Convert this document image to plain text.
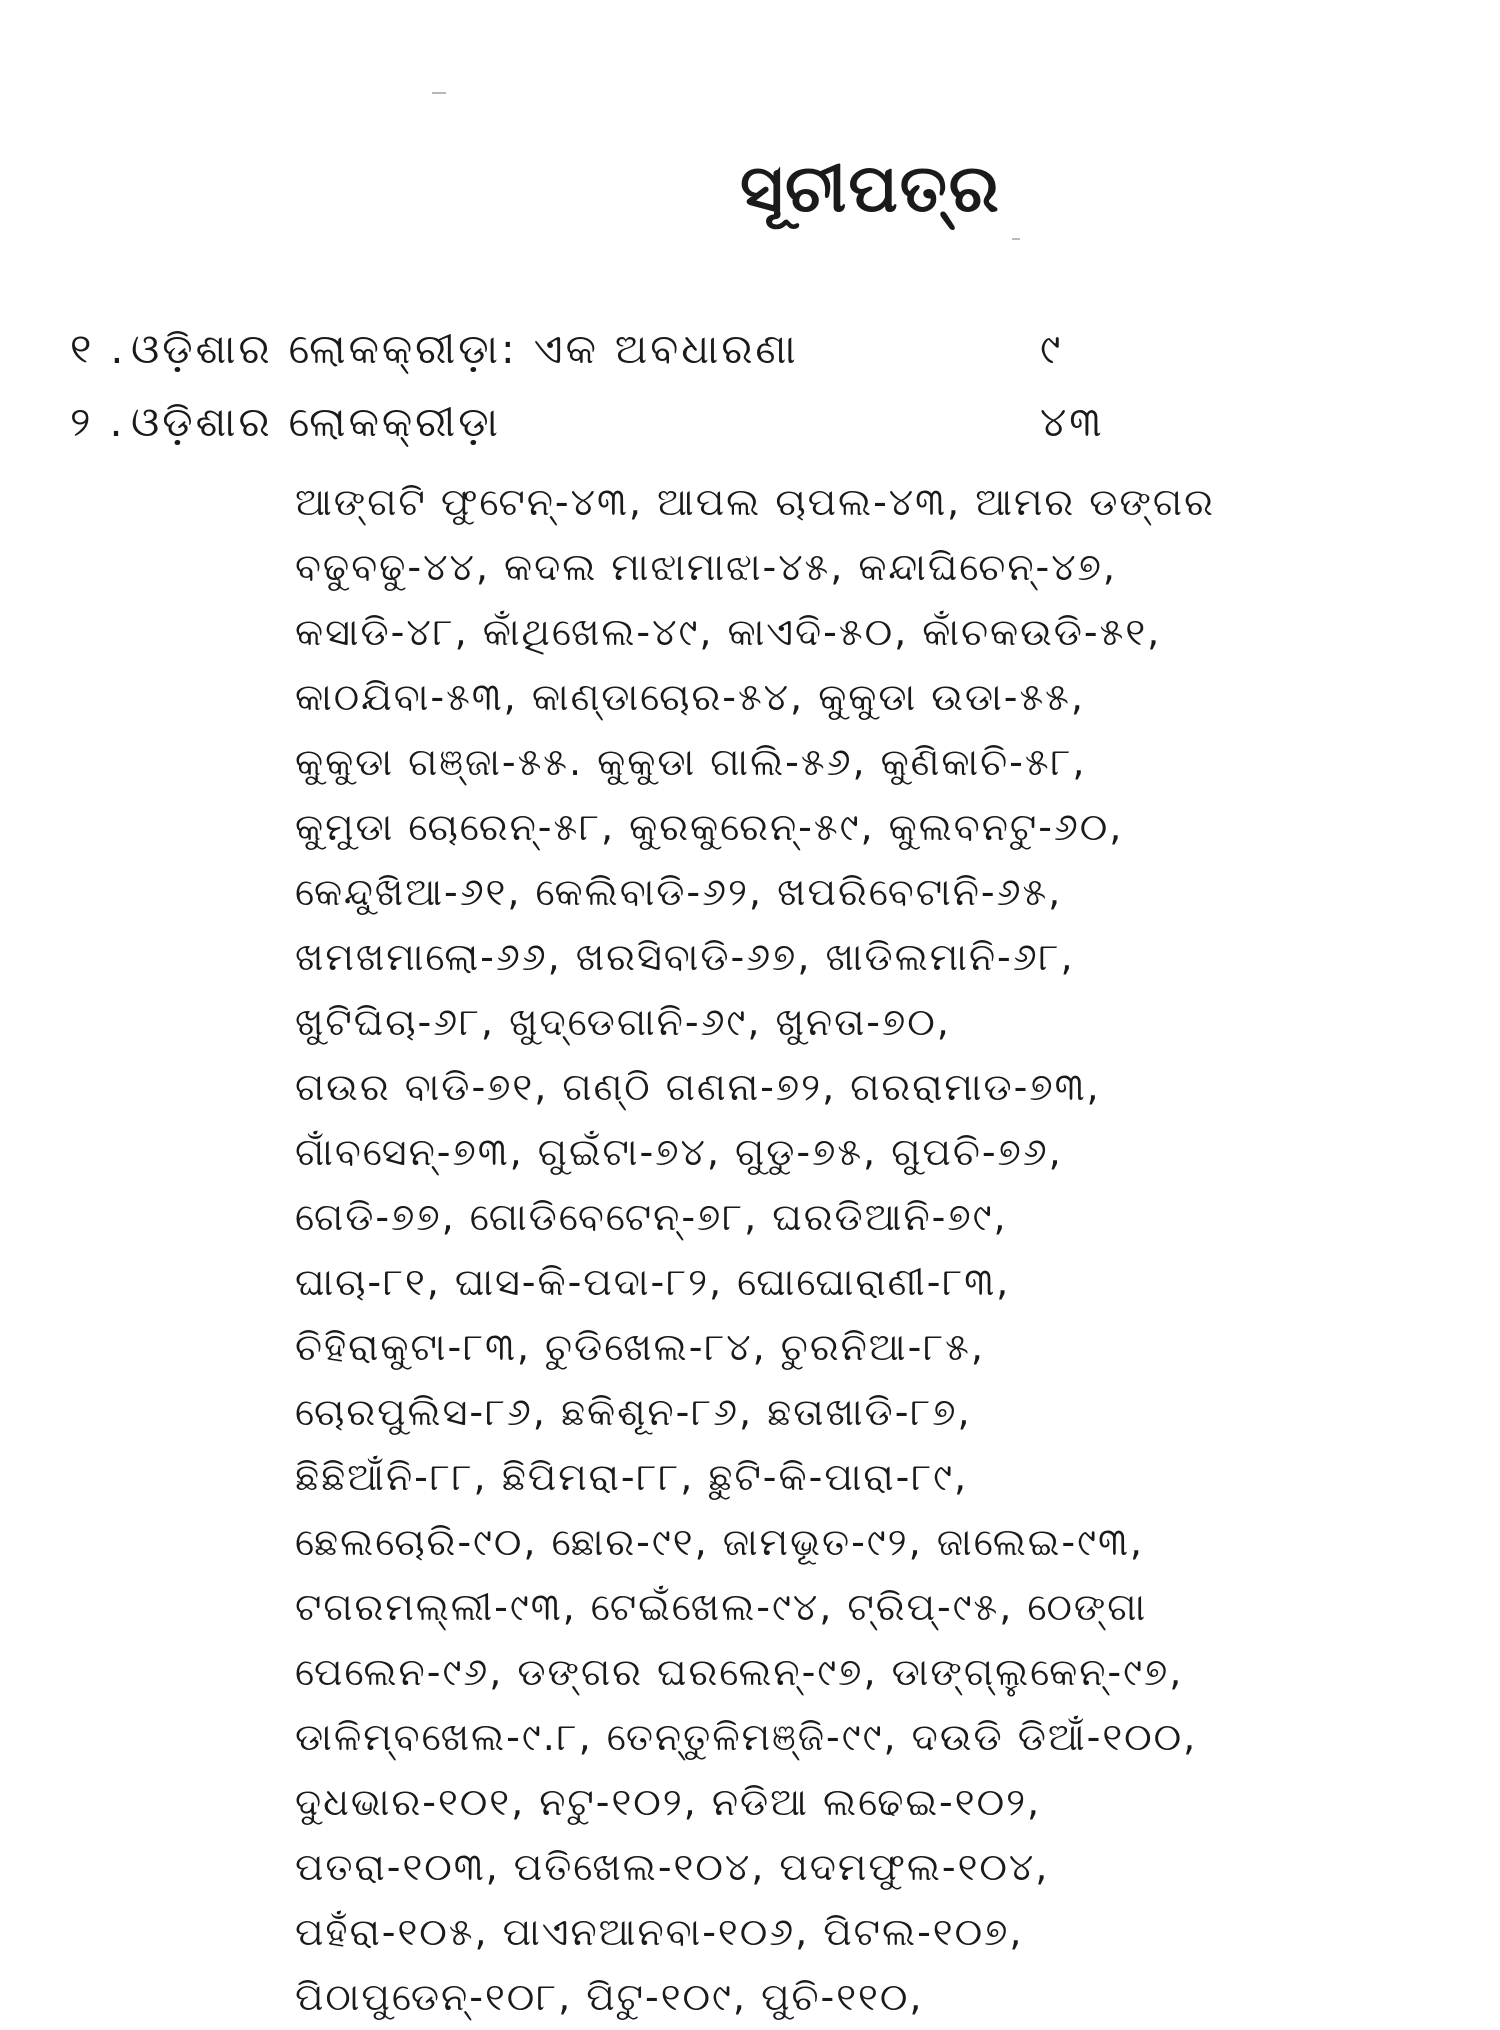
ସୂଚୀପତ୍ର
୧ . ଓଡ଼ିଶାର ଲୋକକ୍ରୀଡ଼ା: ଏକ ଅବଧାରଣା	୯
୨ . ଓଡ଼ିଶାର ଲୋକକ୍ରୀଡ଼ା	୪୩
ଆଙ୍ଗଟି ଫୁଟେନ୍-୪୩, ଆପଲ ଚାପଲ-୪୩, ଆମର ଡଙ୍ଗର
ବଢୁବଢୁ-୪୪, କଦଲ ମାଝାମାଝା-୪୫, କନ୍ଦାଘିଚେନ୍-୪୭,
କସାଡି-୪୮, କାଁଥିଖେଲ-୪୯, କାଏଦି-୫୦, କାଁଚକଉଡି-୫୧,
କାଠଯିବା-୫୩, କାଣ୍ଡାଚୋର-୫୪, କୁକୁଡା ଉଡା-୫୫,
କୁକୁଡା ଗଞ୍ଜା-୫୫. କୁକୁଡା ଗାଲି-୫୬, କୁଣିକାଚି-୫୮,
କୁମୁଡା ଚୋରେନ୍-୫୮, କୁରକୁରେନ୍-୫୯, କୁଲବନଟୁ-୬୦,
କେନ୍ଦୁଖିଆ-୬୧, କେଲିବାଡି-୬୨, ଖପରିବେଟାନି-୬୫,
ଖମଖମାଲୋ-୬୬, ଖରସିବାଡି-୬୭, ଖାଡିଲମାନି-୬୮,
ଖୁଟିଘିଚା-୬୮, ଖୁଦ୍‌ଡେଗାନି-୬୯, ଖୁନତା-୭୦,
ଗଉର ବାଡି-୭୧, ଗଣ୍ଠି ଗଣନା-୭୨, ଗରରାମାଡ-୭୩,
ଗାଁବସେନ୍-୭୩, ଗୁଇଁଟା-୭୪, ଗୁଡୁ-୭୫, ଗୁପଚି-୭୬,
ଗେଡି-୭୭, ଗୋଡିବେଟେନ୍-୭୮, ଘରଡିଆନି-୭୯,
ଘାଚା-୮୧, ଘାସ-କି-ପଦା-୮୨, ଘୋଘୋରାଣୀ-୮୩,
ଚିହିରାକୁଟା-୮୩, ଚୁଡିଖେଲ-୮୪, ଚୁରନିଆ-୮୫,
ଚୋରପୁଲିସ-୮୬, ଛକିଶୂନ-୮୬, ଛତାଖାଡି-୮୭,
ଛିଛିଆଁନି-୮୮, ଛିପିମରା-୮୮, ଛୁଟି-କି-ପାରା-୮୯,
ଛେଲଚୋରି-୯୦, ଛୋର-୯୧, ଜାମଭୂତ-୯୨, ଜାଲେଇ-୯୩,
ଟଗରମଲ୍ଲୀ-୯୩, ଟେଇଁଖେଲ-୯୪, ଟ୍ରିପ୍-୯୫, ଠେଙ୍ଗା
ପେଲେନ-୯୬, ଡଙ୍ଗର ଘରଲେନ୍-୯୭, ଡାଙ୍ଗ୍‌ଲୁକେନ୍-୯୭,
ଡାଳିମ୍ବଖେଲ-୯.୮, ତେନ୍ତୁଳିମଞ୍ଜି-୯୯, ଦଉଡି ଡିଆଁ-୧୦୦,
ଦୁଧଭାର-୧୦୧, ନଟୁ-୧୦୨, ନଡିଆ ଲଢେଇ-୧୦୨,
ପତରା-୧୦୩, ପତିଖେଲ-୧୦୪, ପଦମଫୁଲ-୧୦୪,
ପହଁରା-୧୦୫, ପାଏନଆନବା-୧୦୬, ପିଟଲ-୧୦୭,
ପିଠାପୁଡେନ୍-୧୦୮, ପିଟୁ-୧୦୯, ପୁଚି-୧୧୦,
